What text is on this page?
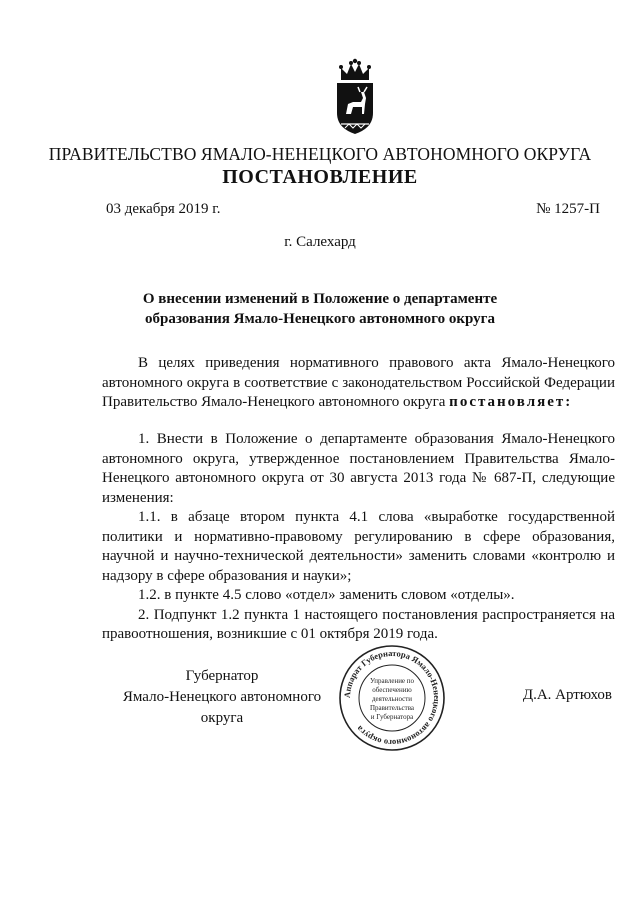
ПРАВИТЕЛЬСТВО ЯМАЛО-НЕНЕЦКОГО АВТОНОМНОГО ОКРУГА
ПОСТАНОВЛЕНИЕ
03 декабря 2019 г.	№ 1257-П
г. Салехард
О внесении изменений в Положение о департаменте образования Ямало-Ненецкого автономного округа

В целях приведения нормативного правового акта Ямало-Ненецкого автономного округа в соответствие с законодательством Российской Федерации Правительство Ямало-Ненецкого автономного округа постановляет:

1. Внести в Положение о департаменте образования Ямало-Ненецкого автономного округа, утвержденное постановлением Правительства Ямало-Ненецкого автономного округа от 30 августа 2013 года № 687-П, следующие изменения:

1.1. в абзаце втором пункта 4.1 слова «выработке государственной политики и нормативно-правовому регулированию в сфере образования, научной и научно-технической деятельности» заменить словами «контролю и надзору в сфере образования и науки»;

1.2. в пункте 4.5 слово «отдел» заменить словом «отделы».

2. Подпункт 1.2 пункта 1 настоящего постановления распространяется на правоотношения, возникшие с 01 октября 2019 года.

Губернатор
Ямало-Ненецкого автономного округа
Аппарат Губернатора Ямало-Ненецкого автономного округа
Управление по
обеспечению
деятельности
Правительства
и Губернатора
Д.А. Артюхов
